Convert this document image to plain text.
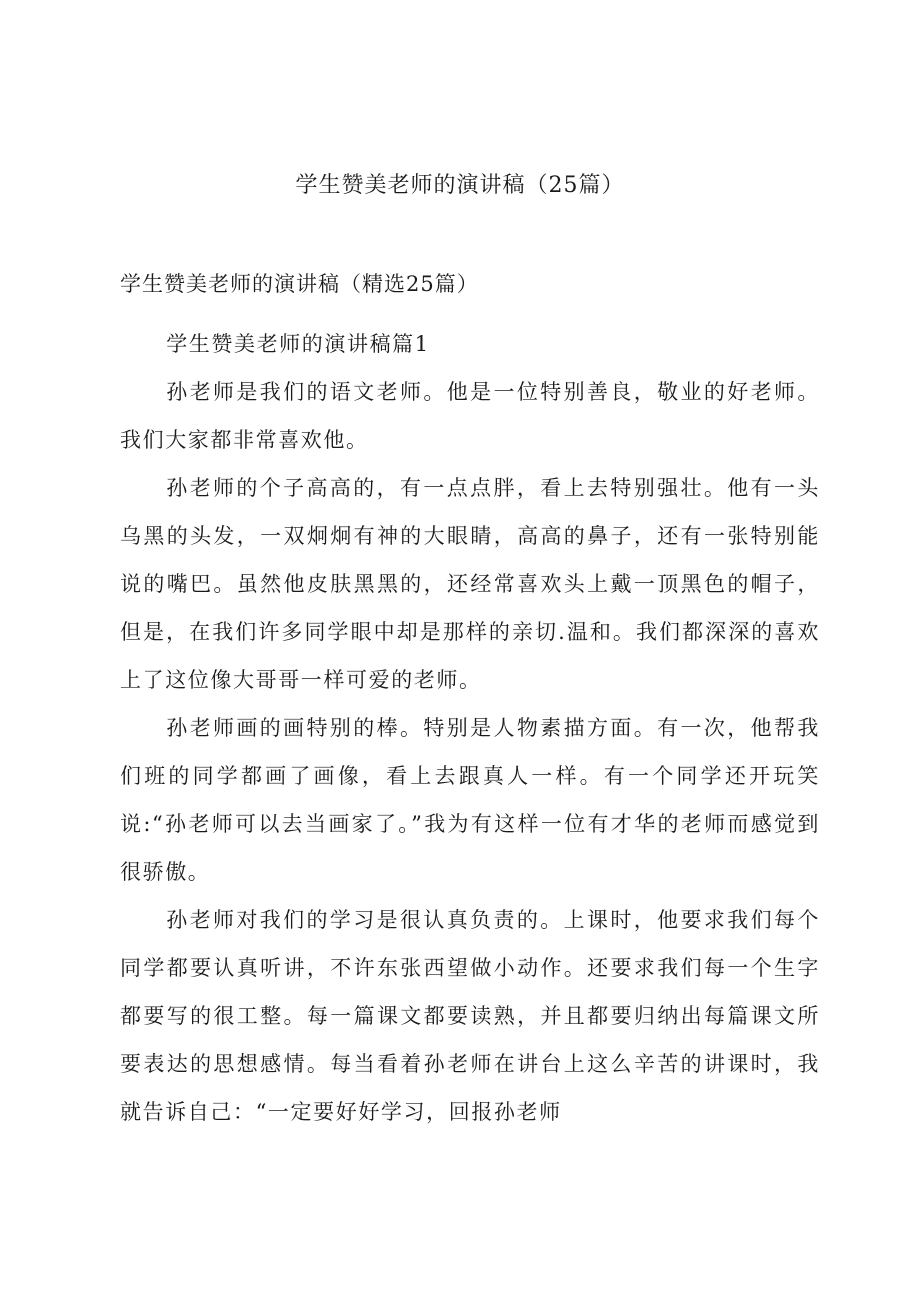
学生赞美老师的演讲稿（25篇）

学生赞美老师的演讲稿（精选25篇）

学生赞美老师的演讲稿篇1

孙老师是我们的语文老师。他是一位特别善良，敬业的好老师。我们大家都非常喜欢他。

孙老师的个子高高的，有一点点胖，看上去特别强壮。他有一头乌黑的头发，一双炯炯有神的大眼睛，高高的鼻子，还有一张特别能说的嘴巴。虽然他皮肤黑黑的，还经常喜欢头上戴一顶黑色的帽子，但是，在我们许多同学眼中却是那样的亲切.温和。我们都深深的喜欢上了这位像大哥哥一样可爱的老师。

孙老师画的画特别的棒。特别是人物素描方面。有一次，他帮我们班的同学都画了画像，看上去跟真人一样。有一个同学还开玩笑说:“孙老师可以去当画家了。”我为有这样一位有才华的老师而感觉到很骄傲。

孙老师对我们的学习是很认真负责的。上课时，他要求我们每个同学都要认真听讲，不许东张西望做小动作。还要求我们每一个生字都要写的很工整。每一篇课文都要读熟，并且都要归纳出每篇课文所要表达的思想感情。每当看着孙老师在讲台上这么辛苦的讲课时，我就告诉自己：“一定要好好学习，回报孙老师
